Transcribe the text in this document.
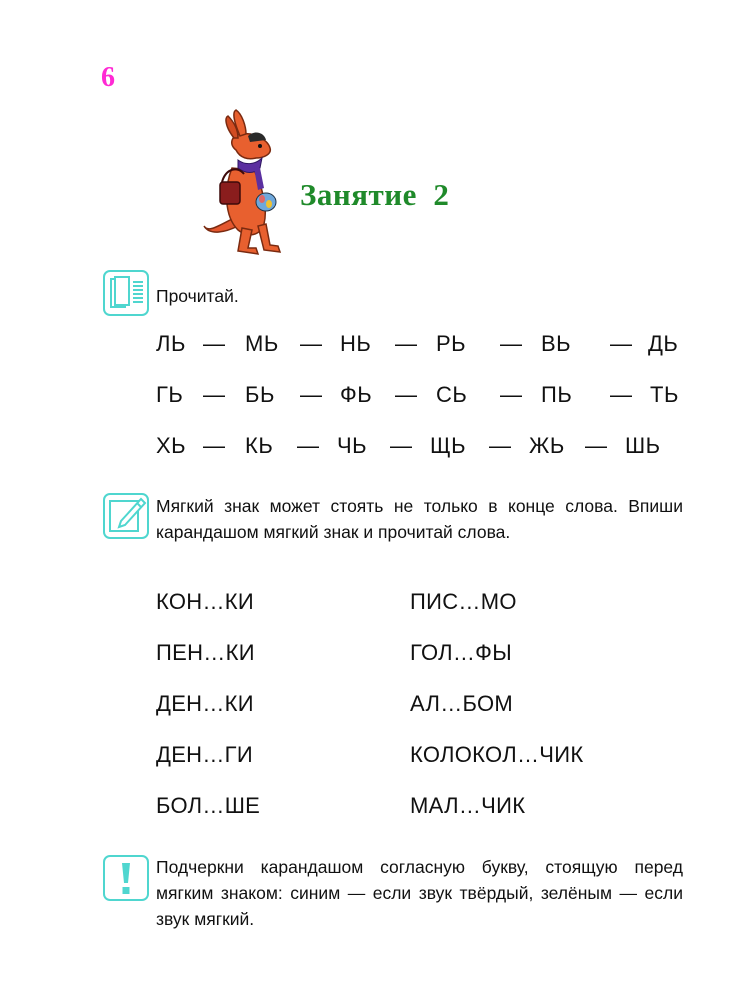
6
Занятие  2
Прочитай.
ЛЬ — МЬ — НЬ — РЬ — ВЬ — ДЬ
ГЬ — БЬ — ФЬ — СЬ — ПЬ — ТЬ
ХЬ — КЬ — ЧЬ — ЩЬ — ЖЬ — ШЬ
Мягкий знак может стоять не только в конце слова. Впиши карандашом мягкий знак и прочитай слова.
КОН…КИ
ПЕН…КИ
ДЕН…КИ
ДЕН…ГИ
БОЛ…ШЕ
ПИС…МО
ГОЛ…ФЫ
АЛ…БОМ
КОЛОКОЛ…ЧИК
МАЛ…ЧИК
Подчеркни карандашом согласную букву, стоящую перед мягким знаком: синим — если звук твёрдый, зелёным — если звук мягкий.
